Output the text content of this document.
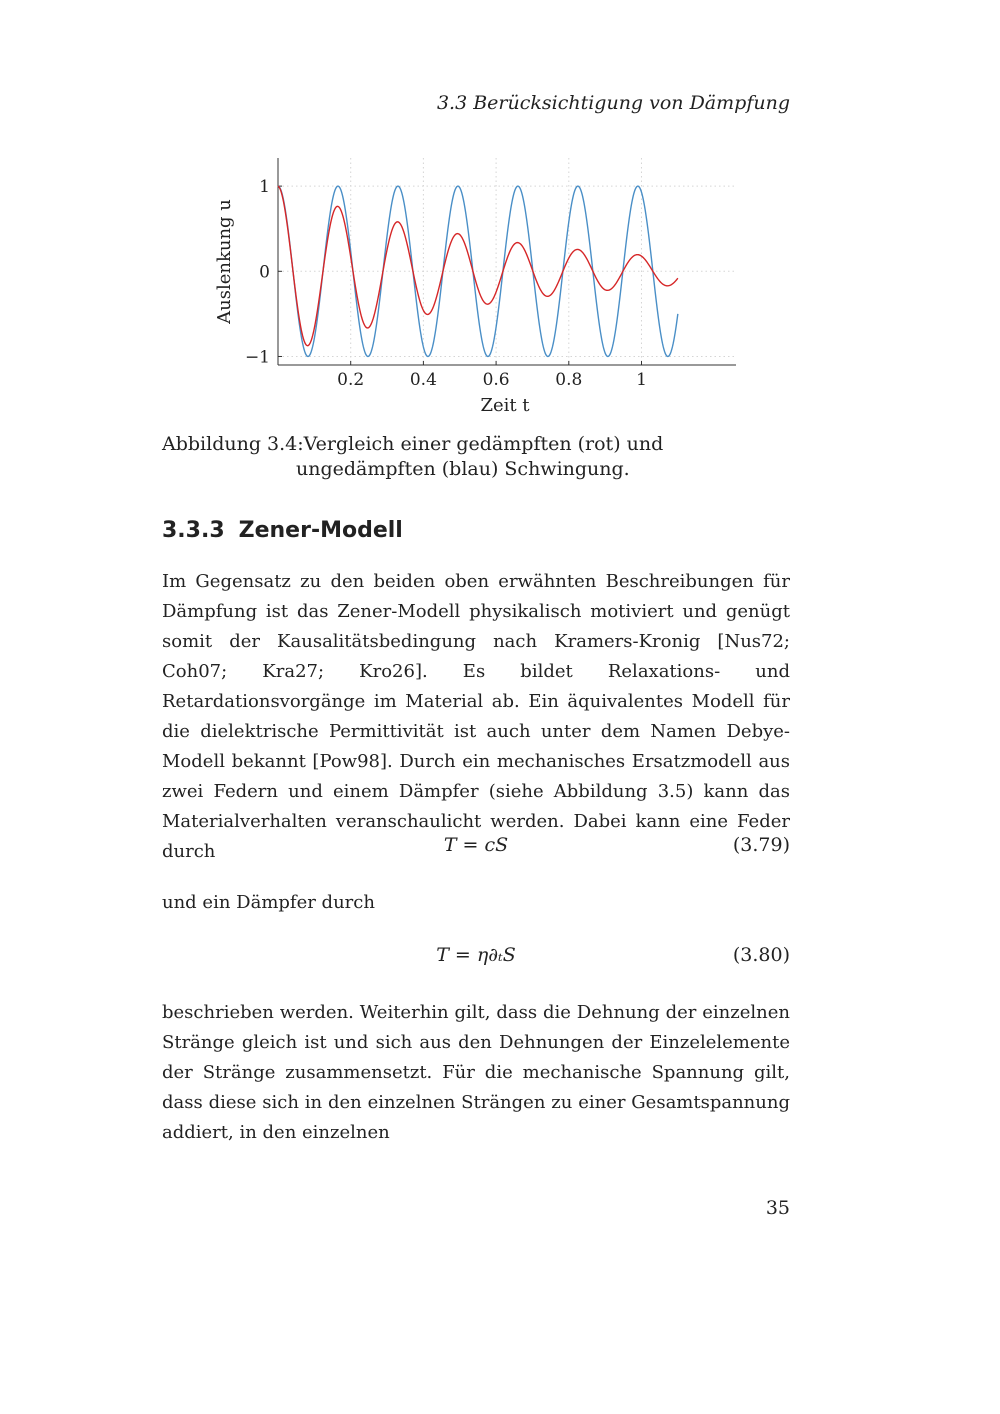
3.3 Berücksichtigung von Dämpfung
0.2	0.4	0.6	0.8	1
−1
0
1
Zeit t
Auslenkung u
Abbildung 3.4: Vergleich einer gedämpften (rot) und ungedämpften (blau) Schwingung.
3.3.3 Zener-Modell
Im Gegensatz zu den beiden oben erwähnten Beschreibungen für Dämpfung ist das Zener-Modell physikalisch motiviert und genügt somit der Kausalitätsbedingung nach Kramers-Kronig [Nus72; Coh07; Kra27; Kro26]. Es bildet Relaxations- und Retardationsvorgänge im Material ab. Ein äquivalentes Modell für die dielektrische Permittivität ist auch unter dem Namen Debye-Modell bekannt [Pow98]. Durch ein mechanisches Ersatzmodell aus zwei Federn und einem Dämpfer (siehe Abbildung 3.5) kann das Materialverhalten veranschaulicht werden. Dabei kann eine Feder durch	T = cS	(3.79)
und ein Dämpfer durch
T = η∂ₜS	(3.80)
beschrieben werden. Weiterhin gilt, dass die Dehnung der einzelnen Stränge gleich ist und sich aus den Dehnungen der Einzelelemente der Stränge zusammensetzt. Für die mechanische Spannung gilt, dass diese sich in den einzelnen Strängen zu einer Gesamtspannung addiert, in den einzelnen
35
